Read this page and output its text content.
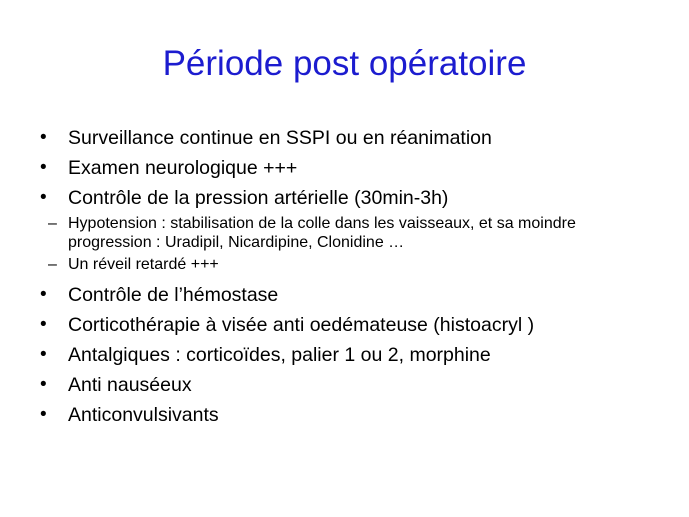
Période post opératoire
• Surveillance continue en SSPI ou en réanimation
• Examen neurologique +++
• Contrôle de la pression artérielle (30min-3h)
– Hypotension : stabilisation de la colle dans les vaisseaux, et sa moindre progression : Uradipil, Nicardipine, Clonidine …
– Un réveil retardé +++
• Contrôle de l’hémostase
• Corticothérapie à visée anti oedémateuse (histoacryl )
• Antalgiques : corticoïdes, palier 1 ou 2, morphine
• Anti nauséeux
• Anticonvulsivants
